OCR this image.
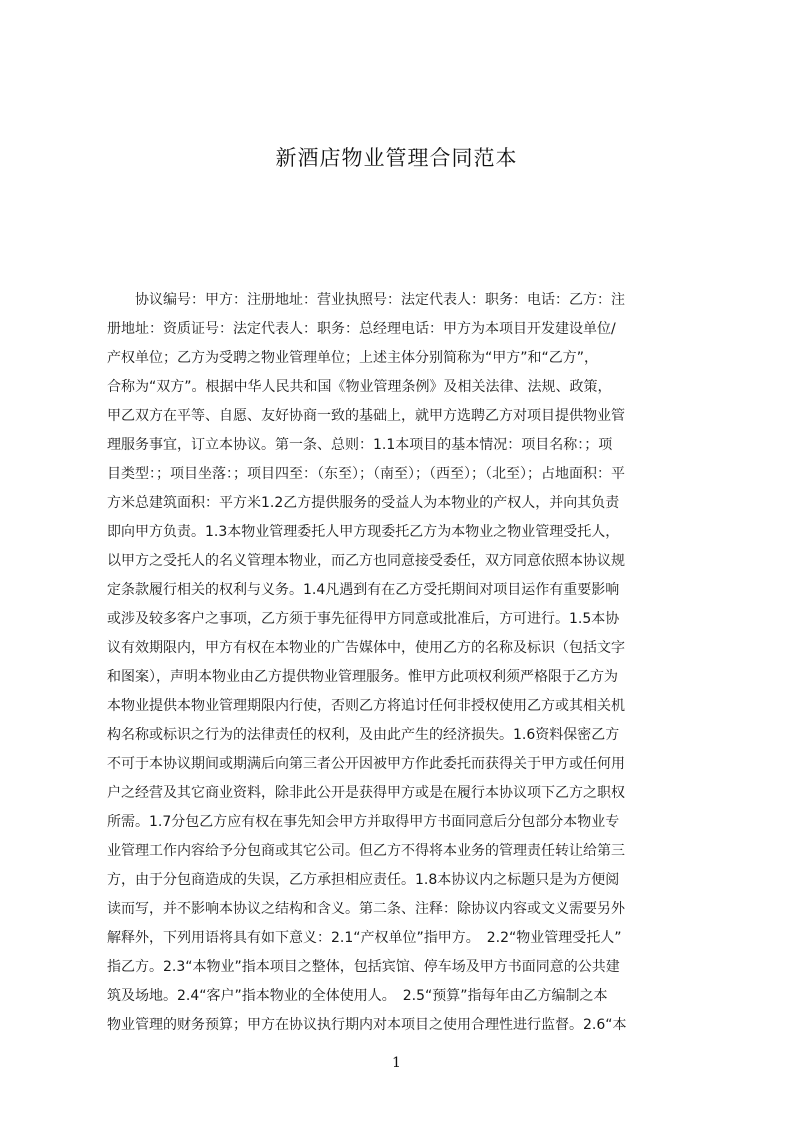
新酒店物业管理合同范本
　　协议编号：甲方：注册地址：营业执照号：法定代表人：职务：电话：乙方：注
册地址：资质证号：法定代表人：职务：总经理电话：甲方为本项目开发建设单位/
产权单位；乙方为受聘之物业管理单位；上述主体分别简称为“甲方”和“乙方”，
合称为“双方”。根据中华人民共和国《物业管理条例》及相关法律、法规、政策，
甲乙双方在平等、自愿、友好协商一致的基础上，就甲方选聘乙方对项目提供物业管
理服务事宜，订立本协议。第一条、总则：1.1本项目的基本情况：项目名称：；项
目类型：；项目坐落：；项目四至：（东至）；（南至）；（西至）；（北至）；占地面积：平
方米总建筑面积：平方米1.2乙方提供服务的受益人为本物业的产权人，并向其负责
即向甲方负责。1.3本物业管理委托人甲方现委托乙方为本物业之物业管理受托人，
以甲方之受托人的名义管理本物业，而乙方也同意接受委任，双方同意依照本协议规
定条款履行相关的权利与义务。1.4凡遇到有在乙方受托期间对项目运作有重要影响
或涉及较多客户之事项，乙方须于事先征得甲方同意或批准后，方可进行。1.5本协
议有效期限内，甲方有权在本物业的广告媒体中，使用乙方的名称及标识（包括文字
和图案），声明本物业由乙方提供物业管理服务。惟甲方此项权利须严格限于乙方为
本物业提供本物业管理期限内行使，否则乙方将追讨任何非授权使用乙方或其相关机
构名称或标识之行为的法律责任的权利，及由此产生的经济损失。1.6资料保密乙方
不可于本协议期间或期满后向第三者公开因被甲方作此委托而获得关于甲方或任何用
户之经营及其它商业资料，除非此公开是获得甲方或是在履行本协议项下乙方之职权
所需。1.7分包乙方应有权在事先知会甲方并取得甲方书面同意后分包部分本物业专
业管理工作内容给予分包商或其它公司。但乙方不得将本业务的管理责任转让给第三
方，由于分包商造成的失误，乙方承担相应责任。1.8本协议内之标题只是为方便阅
读而写，并不影响本协议之结构和含义。第二条、注释：除协议内容或文义需要另外
解释外，下列用语将具有如下意义：2.1“产权单位”指甲方。　2.2“物业管理受托人”
指乙方。2.3“本物业”指本项目之整体，包括宾馆、停车场及甲方书面同意的公共建
筑及场地。2.4“客户”指本物业的全体使用人。　2.5“预算”指每年由乙方编制之本
物业管理的财务预算；甲方在协议执行期内对本项目之使用合理性进行监督。2.6“本
1
